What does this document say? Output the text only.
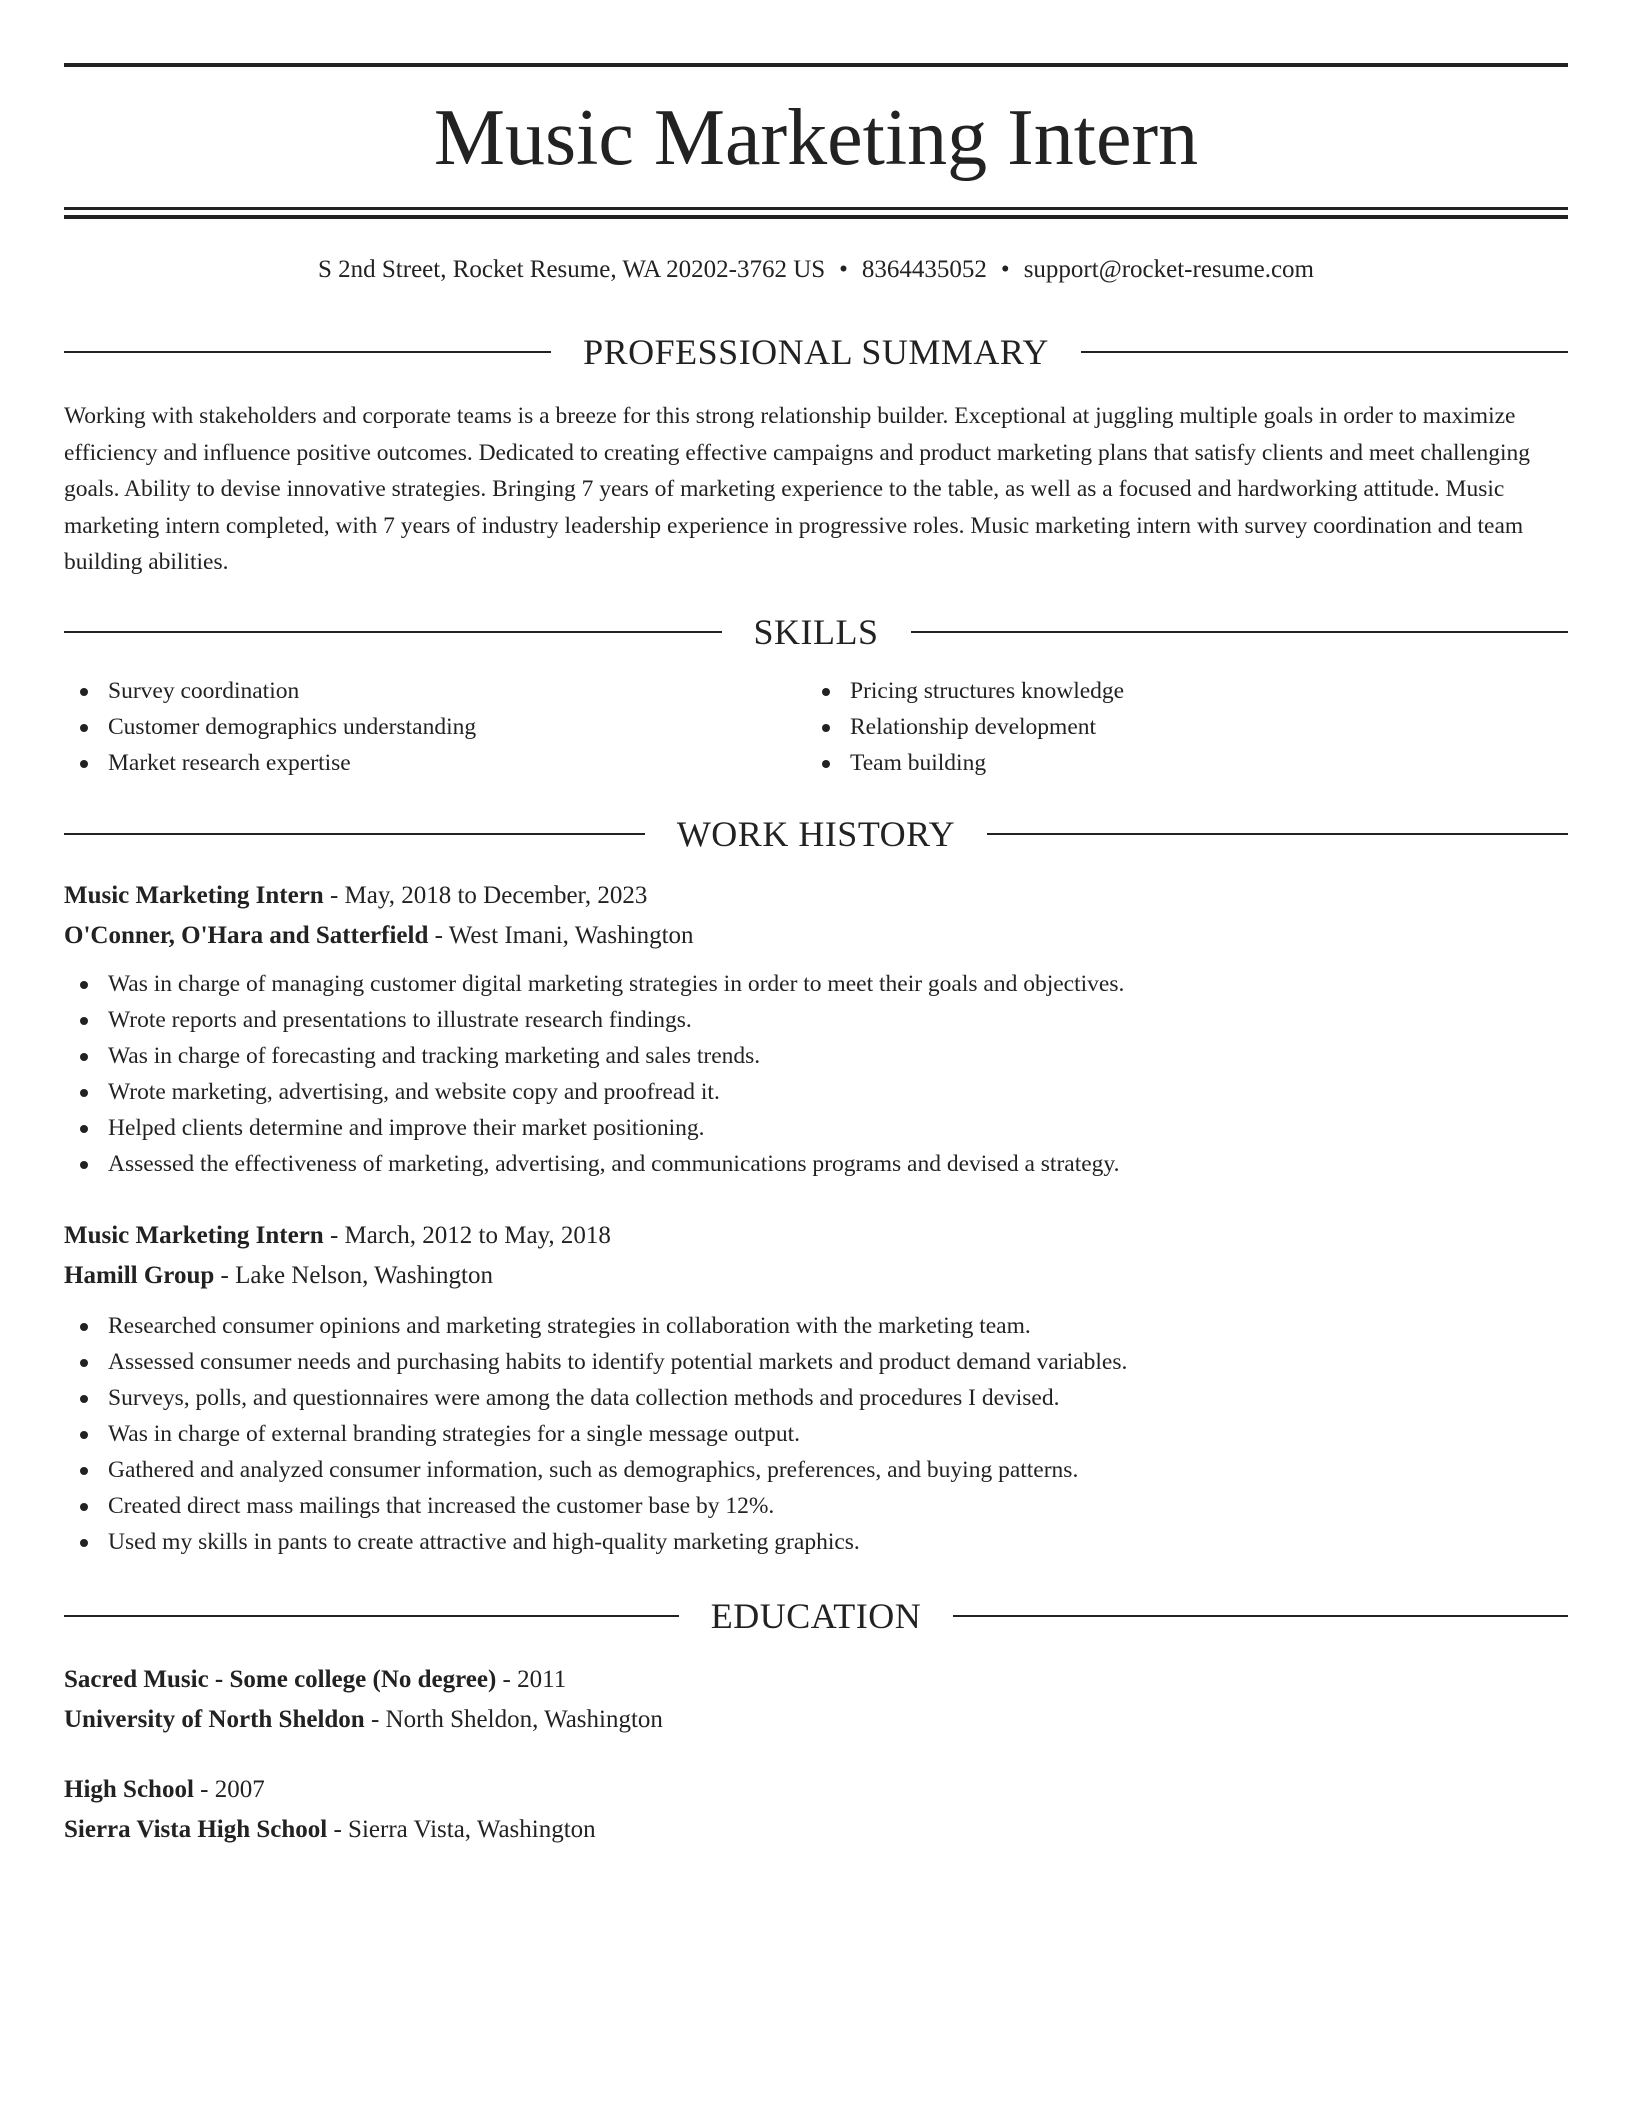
Music Marketing Intern
S 2nd Street, Rocket Resume, WA 20202-3762 US • 8364435052 • support@rocket-resume.com
PROFESSIONAL SUMMARY
Working with stakeholders and corporate teams is a breeze for this strong relationship builder. Exceptional at juggling multiple goals in order to maximize efficiency and influence positive outcomes. Dedicated to creating effective campaigns and product marketing plans that satisfy clients and meet challenging goals. Ability to devise innovative strategies. Bringing 7 years of marketing experience to the table, as well as a focused and hardworking attitude. Music marketing intern completed, with 7 years of industry leadership experience in progressive roles. Music marketing intern with survey coordination and team building abilities.
SKILLS
Survey coordination
Customer demographics understanding
Market research expertise
Pricing structures knowledge
Relationship development
Team building
WORK HISTORY
Music Marketing Intern - May, 2018 to December, 2023
O'Conner, O'Hara and Satterfield - West Imani, Washington
Was in charge of managing customer digital marketing strategies in order to meet their goals and objectives.
Wrote reports and presentations to illustrate research findings.
Was in charge of forecasting and tracking marketing and sales trends.
Wrote marketing, advertising, and website copy and proofread it.
Helped clients determine and improve their market positioning.
Assessed the effectiveness of marketing, advertising, and communications programs and devised a strategy.
Music Marketing Intern - March, 2012 to May, 2018
Hamill Group - Lake Nelson, Washington
Researched consumer opinions and marketing strategies in collaboration with the marketing team.
Assessed consumer needs and purchasing habits to identify potential markets and product demand variables.
Surveys, polls, and questionnaires were among the data collection methods and procedures I devised.
Was in charge of external branding strategies for a single message output.
Gathered and analyzed consumer information, such as demographics, preferences, and buying patterns.
Created direct mass mailings that increased the customer base by 12%.
Used my skills in pants to create attractive and high-quality marketing graphics.
EDUCATION
Sacred Music - Some college (No degree) - 2011
University of North Sheldon - North Sheldon, Washington
High School - 2007
Sierra Vista High School - Sierra Vista, Washington
